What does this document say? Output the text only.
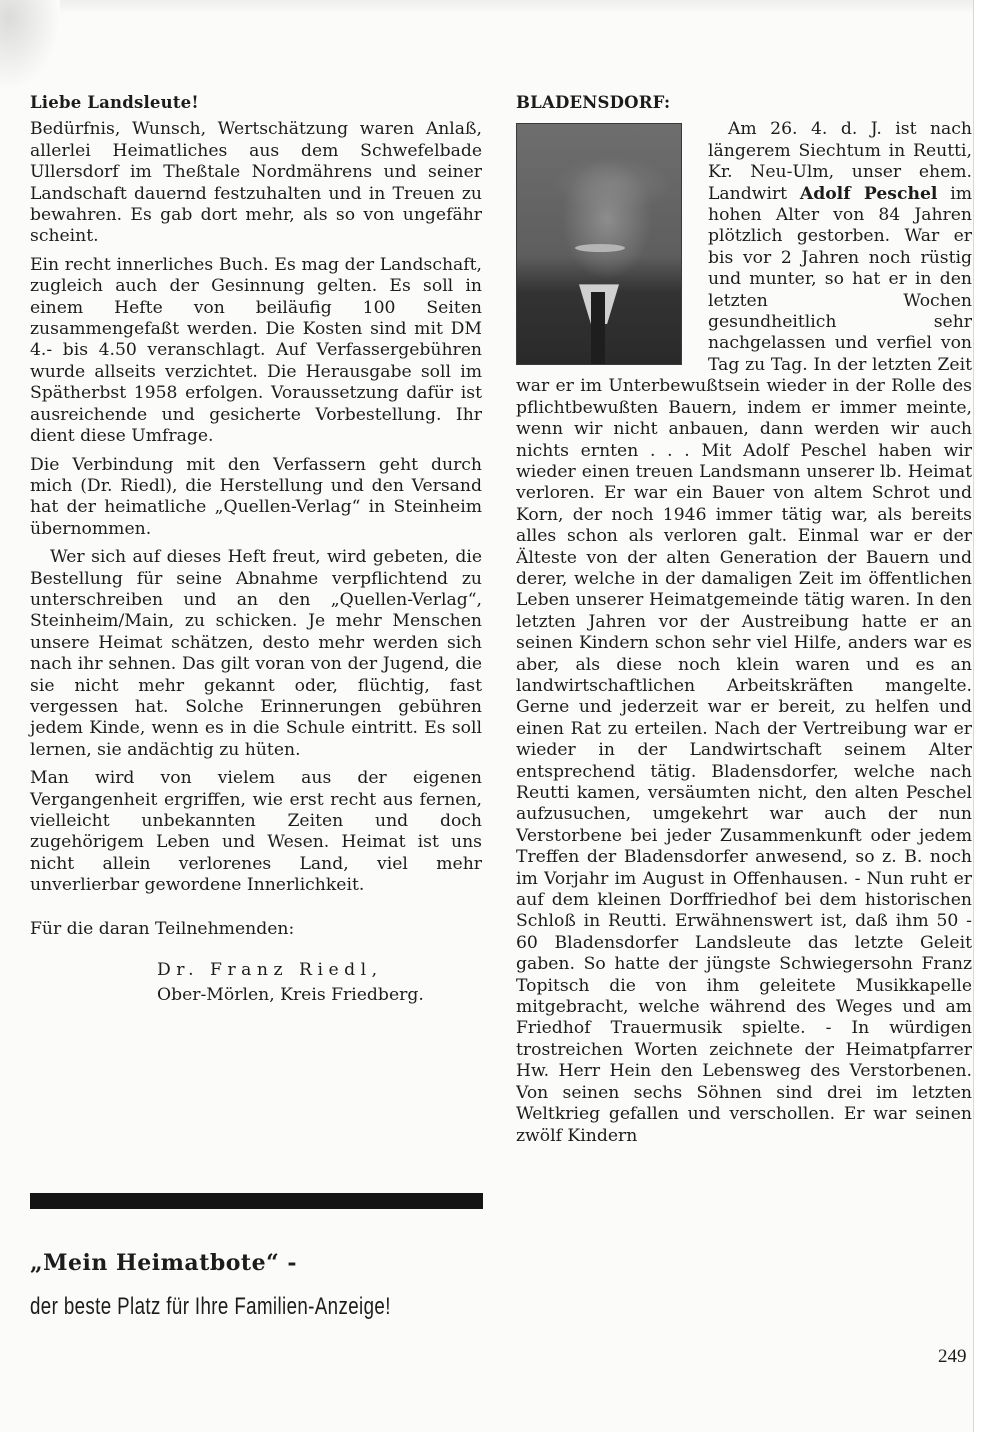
Liebe Landsleute!

Bedürfnis, Wunsch, Wertschätzung waren Anlaß, allerlei Heimatliches aus dem Schwefelbade Ullersdorf im Theßtale Nordmährens und seiner Landschaft dauernd festzuhalten und in Treuen zu bewahren. Es gab dort mehr, als so von ungefähr scheint.

Ein recht innerliches Buch. Es mag der Landschaft, zugleich auch der Gesinnung gelten. Es soll in einem Hefte von beiläufig 100 Seiten zusammengefaßt werden. Die Kosten sind mit DM 4.- bis 4.50 veranschlagt. Auf Verfassergebühren wurde allseits verzichtet. Die Herausgabe soll im Spätherbst 1958 erfolgen. Voraussetzung dafür ist ausreichende und gesicherte Vorbestellung. Ihr dient diese Umfrage.

Die Verbindung mit den Verfassern geht durch mich (Dr. Riedl), die Herstellung und den Versand hat der heimatliche „Quellen-Verlag“ in Steinheim übernommen.

Wer sich auf dieses Heft freut, wird gebeten, die Bestellung für seine Abnahme verpflichtend zu unterschreiben und an den „Quellen-Verlag“, Steinheim/Main, zu schicken. Je mehr Menschen unsere Heimat schätzen, desto mehr werden sich nach ihr sehnen. Das gilt voran von der Jugend, die sie nicht mehr gekannt oder, flüchtig, fast vergessen hat. Solche Erinnerungen gebühren jedem Kinde, wenn es in die Schule eintritt. Es soll lernen, sie andächtig zu hüten.

Man wird von vielem aus der eigenen Vergangenheit ergriffen, wie erst recht aus fernen, vielleicht unbekannten Zeiten und doch zugehörigem Leben und Wesen. Heimat ist uns nicht allein verlorenes Land, viel mehr unverlierbar gewordene Innerlichkeit.

Für die daran Teilnehmenden:

Dr. Franz Riedl,
Ober-Mörlen, Kreis Friedberg.
„Mein Heimatbote“ -
der beste Platz für Ihre Familien-Anzeige!
BLADENSDORF:

Am 26. 4. d. J. ist nach längerem Siechtum in Reutti, Kr. Neu-Ulm, unser ehem. Landwirt Adolf Peschel im hohen Alter von 84 Jahren plötzlich gestorben. War er bis vor 2 Jahren noch rüstig und munter, so hat er in den letzten Wochen gesundheitlich sehr nachgelassen und verfiel von Tag zu Tag. In der letzten Zeit war er im Unterbewußtsein wieder in der Rolle des pflichtbewußten Bauern, indem er immer meinte, wenn wir nicht anbauen, dann werden wir auch nichts ernten . . . Mit Adolf Peschel haben wir wieder einen treuen Landsmann unserer lb. Heimat verloren. Er war ein Bauer von altem Schrot und Korn, der noch 1946 immer tätig war, als bereits alles schon als verloren galt. Einmal war er der Älteste von der alten Generation der Bauern und derer, welche in der damaligen Zeit im öffentlichen Leben unserer Heimatgemeinde tätig waren. In den letzten Jahren vor der Austreibung hatte er an seinen Kindern schon sehr viel Hilfe, anders war es aber, als diese noch klein waren und es an landwirtschaftlichen Arbeitskräften mangelte. Gerne und jederzeit war er bereit, zu helfen und einen Rat zu erteilen. Nach der Vertreibung war er wieder in der Landwirtschaft seinem Alter entsprechend tätig. Bladensdorfer, welche nach Reutti kamen, versäumten nicht, den alten Peschel aufzusuchen, umgekehrt war auch der nun Verstorbene bei jeder Zusammenkunft oder jedem Treffen der Bladensdorfer anwesend, so z. B. noch im Vorjahr im August in Offenhausen. - Nun ruht er auf dem kleinen Dorffriedhof bei dem historischen Schloß in Reutti. Erwähnenswert ist, daß ihm 50 - 60 Bladensdorfer Landsleute das letzte Geleit gaben. So hatte der jüngste Schwiegersohn Franz Topitsch die von ihm geleitete Musikkapelle mitgebracht, welche während des Weges und am Friedhof Trauermusik spielte. - In würdigen trostreichen Worten zeichnete der Heimatpfarrer Hw. Herr Hein den Lebensweg des Verstorbenen. Von seinen sechs Söhnen sind drei im letzten Weltkrieg gefallen und verschollen. Er war seinen zwölf Kindern

249
